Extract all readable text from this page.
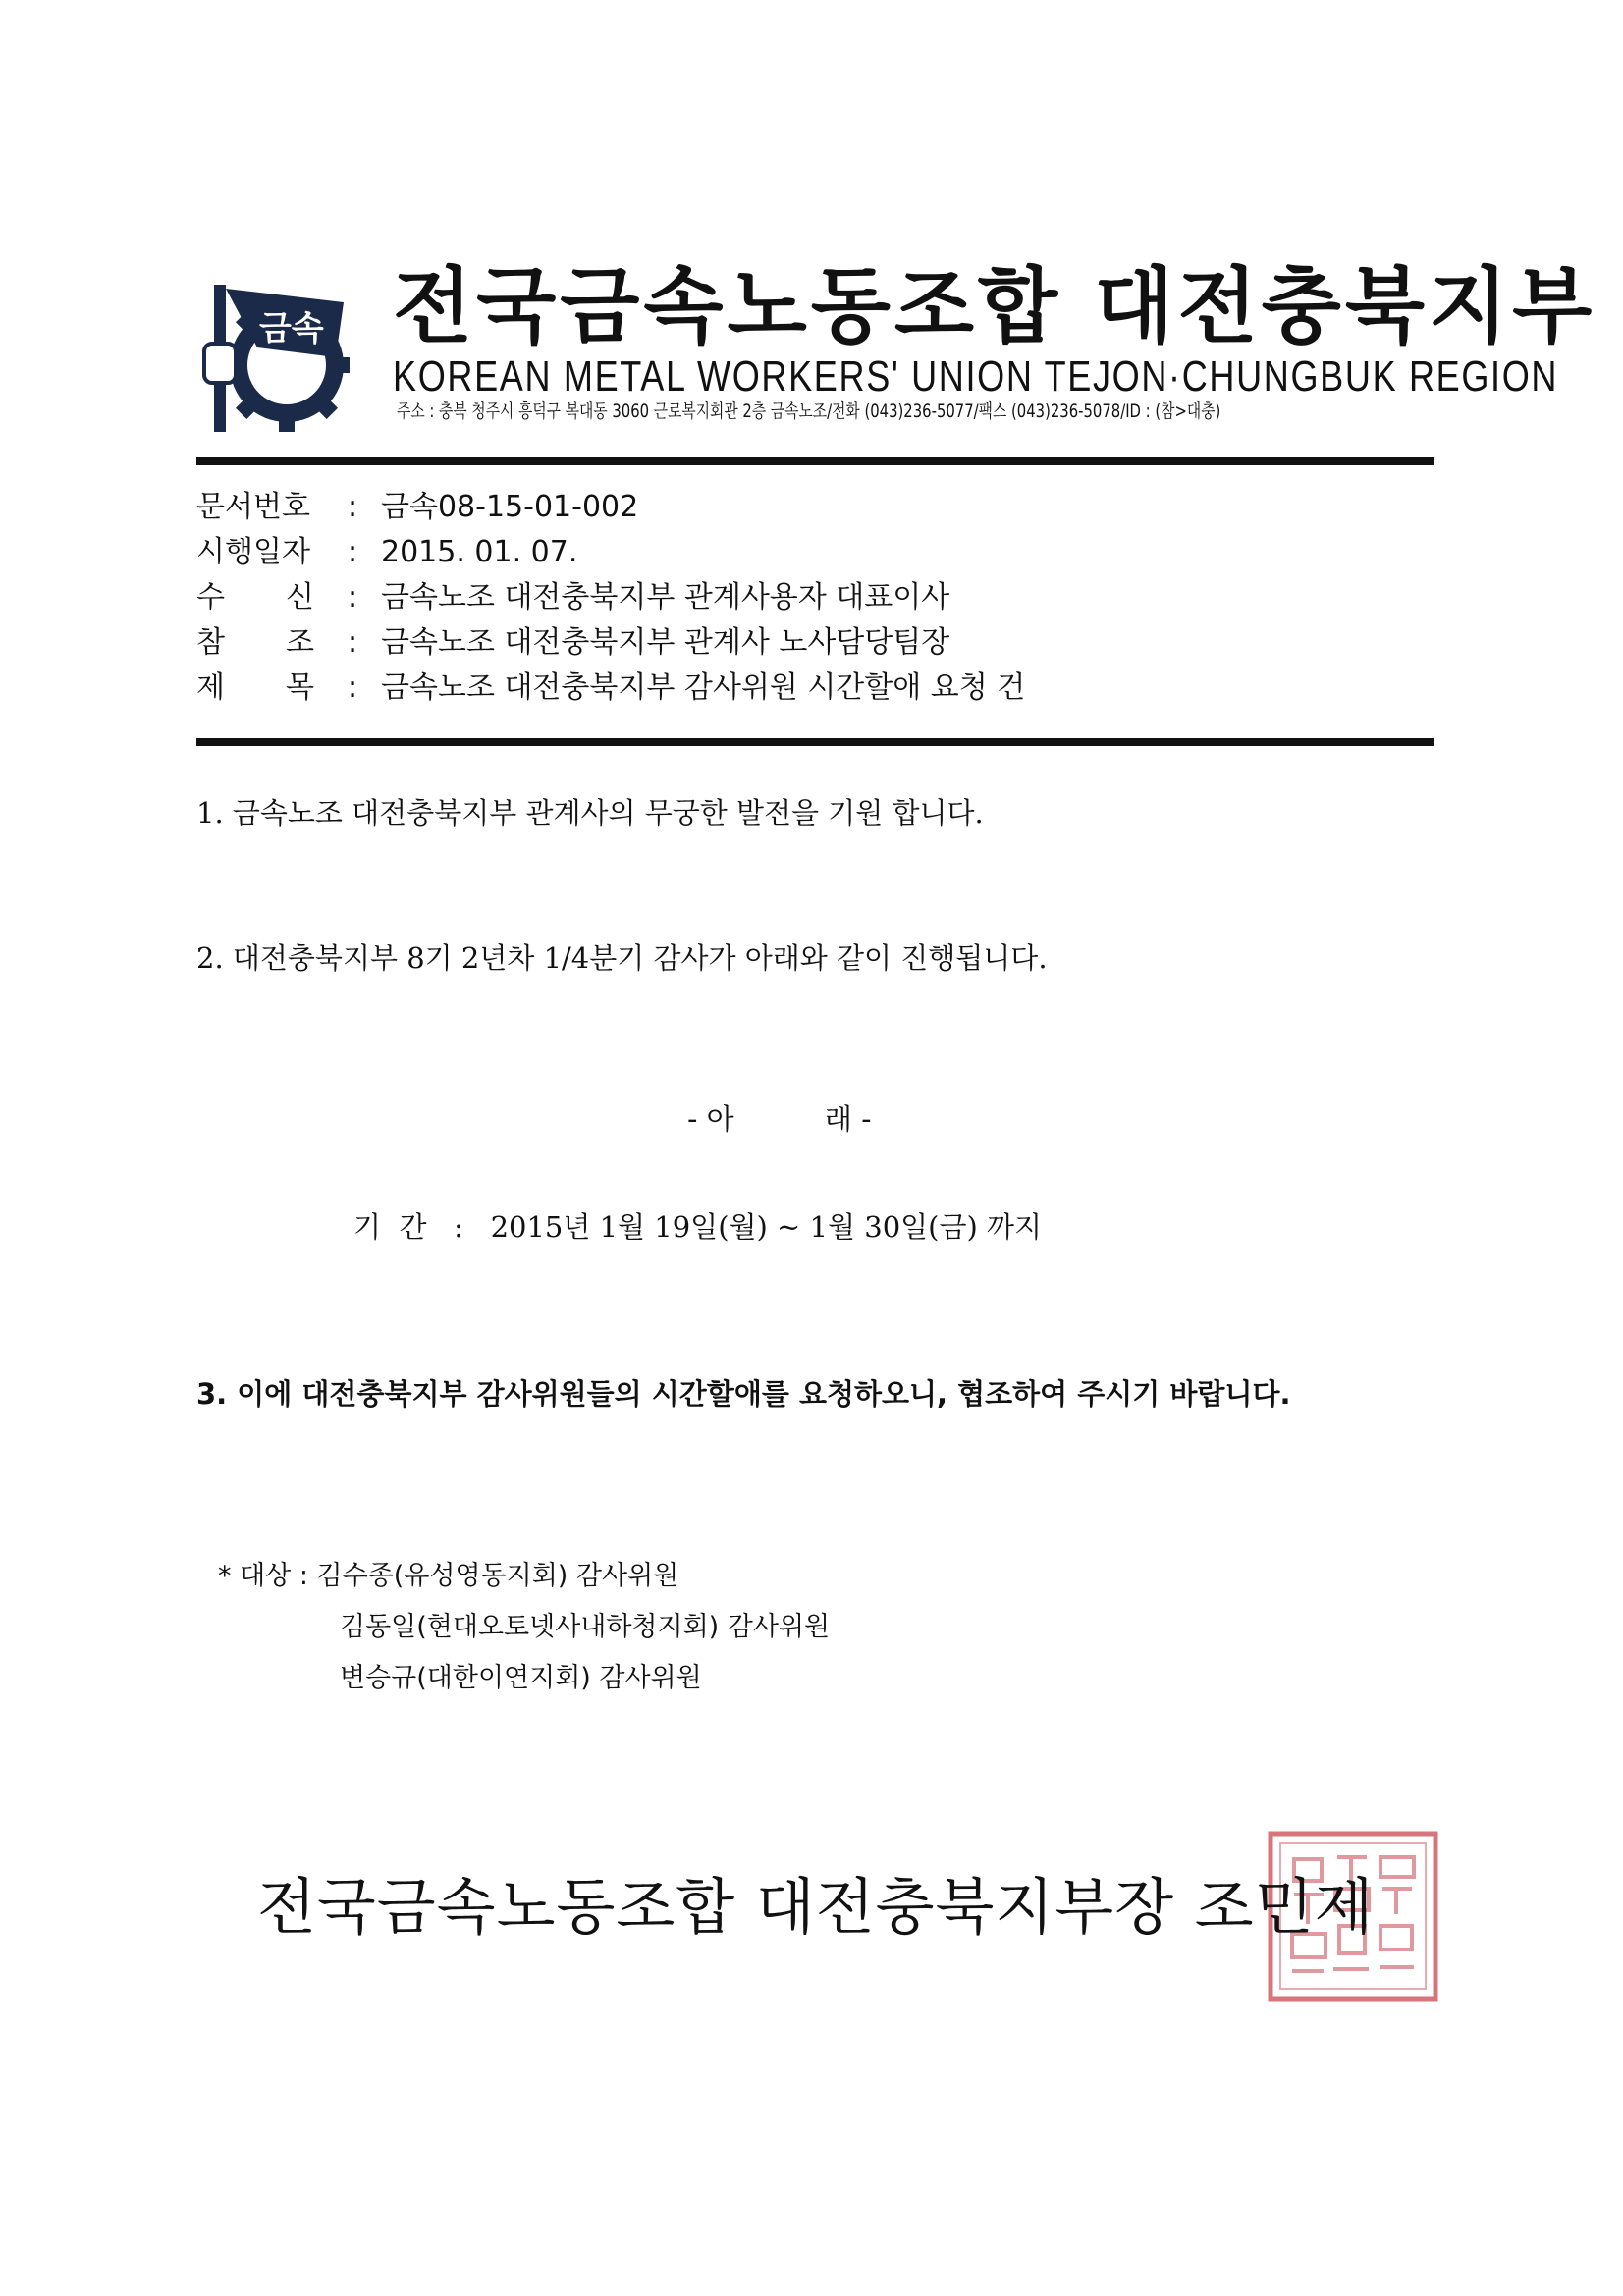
금속 전국금속노동조합 대전충북지부
KOREAN METAL WORKERS' UNION TEJON·CHUNGBUK REGION
주소 : 충북 청주시 흥덕구 복대동 3060 근로복지회관 2층 금속노조/전화 (043)236-5077/팩스 (043)236-5078/ID : (참>대충)
문서번호	: 금속08-15-01-002
시행일자	: 2015. 01. 07.
수 신 : 금속노조 대전충북지부 관계사용자 대표이사
참 조 : 금속노조 대전충북지부 관계사 노사담당팀장
제 목 : 금속노조 대전충북지부 감사위원 시간할애 요청 건
1. 금속노조 대전충북지부 관계사의 무궁한 발전을 기원 합니다.
2. 대전충북지부 8기 2년차 1/4분기 감사가 아래와 같이 진행됩니다.
- 아          래 -
기  간 : 2015년 1월 19일(월) ~ 1월 30일(금) 까지
3. 이에 대전충북지부 감사위원들의 시간할애를 요청하오니, 협조하여 주시기 바랍니다.
* 대상 : 김수종(유성영동지회) 감사위원
김동일(현대오토넷사내하청지회) 감사위원
변승규(대한이연지회) 감사위원
전국금속노동조합 대전충북지부장 조민제
